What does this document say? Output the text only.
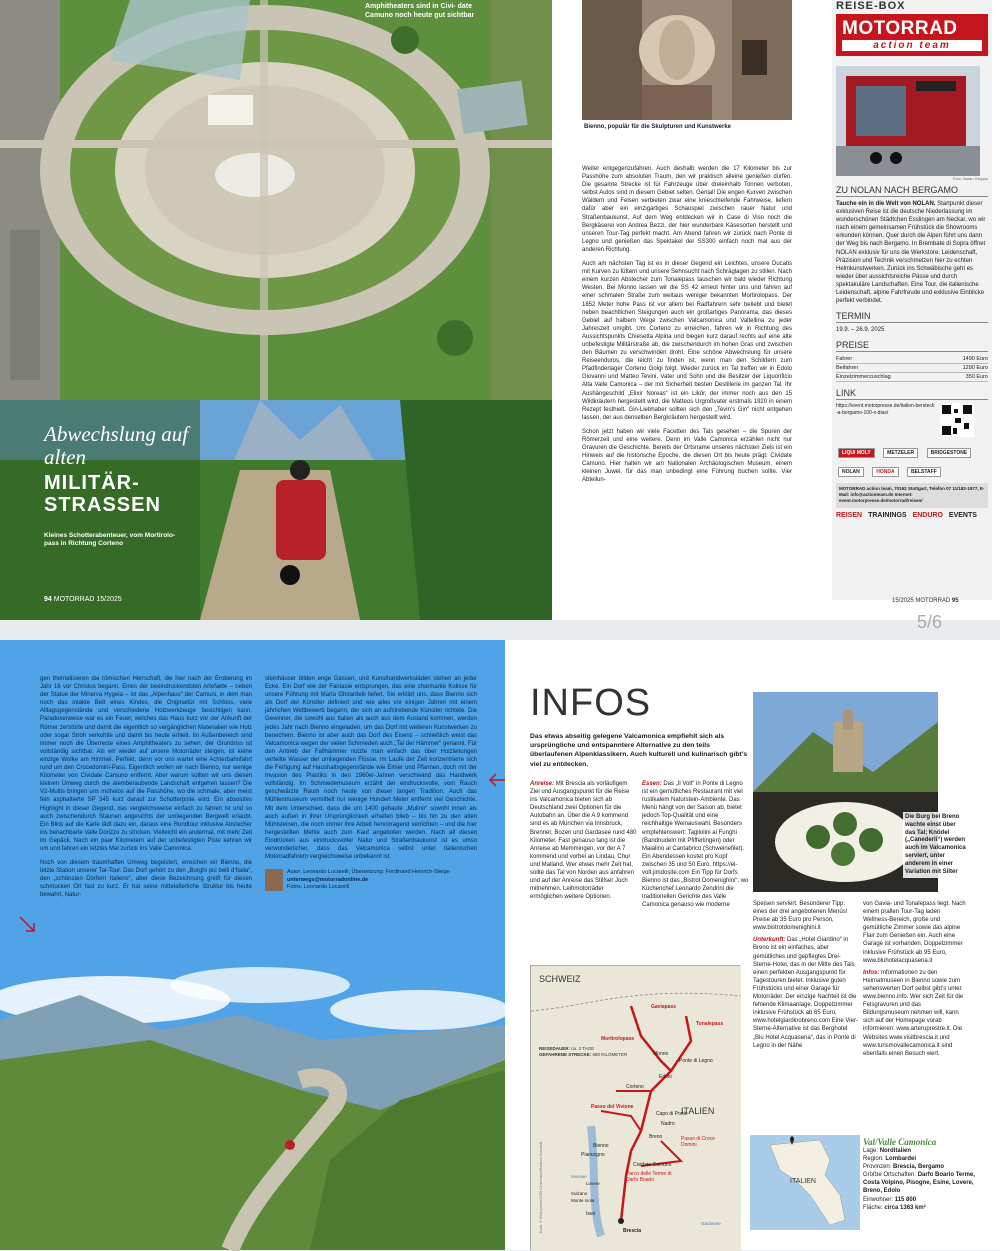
Amphitheaters sind in Civi- date Camuno noch heute gut sichtbar
Abwechslung auf alten
MILITÄR- STRASSEN
Kleines Schotterabenteuer, vom Mortirolo- pass in Richtung Corteno
94 MOTORRAD 15/2025
Bienno, populär für die Skulpturen und Kunstwerke

Weiter entgegenzufahren. Auch deshalb werden die 17 Kilometer bis zur Passhöhe zum absoluten Traum, den wir praktisch alleine genießen dürfen. Die gesamte Strecke ist für Fahrzeuge über dreieinhalb Tonnen verboten, selbst Autos sind in diesem Gebiet selten. Genial! Die engen Kurven zwischen Wäldern und Felsen verbieten zwar eine knieschleifende Fahrweise, liefern dafür aber ein einzigartiges Schauspiel zwischen rauer Natur und Straßenbaukunst. Auf dem Weg entdecken wir in Case di Viso noch die Bergkäserei von Andrea Bezzi, der hier wunderbare Käsesorten herstellt und unseren Tour-Tag perfekt macht. Am Abend fahren wir zurück nach Ponte di Legno und genießen das Spektakel der SS300 einfach noch mal aus der anderen Richtung.

Auch am nächsten Tag ist es in dieser Gegend ein Leichtes, unsere Ducatis mit Kurven zu füttern und unsere Sehnsucht nach Schräglagen zu stillen. Nach einem kurzen Abstecher zum Tonalepass tauschen wir bald wieder Richtung Westen. Bei Monno lassen wir die SS 42 erneut hinter uns und fahren auf einer schmalen Straße zum weitaus weniger bekannten Mortirolopass. Der 1852 Meter hohe Pass ist vor allem bei Radfahrern sehr beliebt und bietet neben beachtlichen Steigungen auch ein großartiges Panorama, das dieses Gebiet auf halbem Wege zwischen Valcamonica und Valtellina zu jeder Jahreszeit umgibt. Um Corteno zu erreichen, fahren wir in Richtung des Aussichtspunkts Chiesetta Alpina und biegen kurz darauf rechts auf eine alte unbefestigte Militärstraße ab, die zwischendurch im hohen Gras und zwischen den Bäumen zu verschwinden droht. Eine schöne Abwechslung für unsere Reiseenduros, die leicht zu finden ist, wenn man den Schildern zum Pfadfinderlager Corteno Golgi folgt. Wieder zurück im Tal treffen wir in Edolo Giovanni und Matteo Tevini, Vater und Sohn und die Besitzer der Liquorificio Alta Valle Camonica – der mit Sicherheit besten Destillerie im ganzen Tal. Ihr Aushängeschild „Elixir Noreas“ ist ein Likör, der immer noch aus den 15 Wildkräutern hergestellt wird, die Matteos Urgroßvater erstmals 1920 in einem Rezept festhielt. Gin-Liebhaber sollten sich den „Tevin’s Gin“ nicht entgehen lassen, der aus denselben Bergkräutern hergestellt wird.

Schon jetzt haben wir viele Facetten des Tals gesehen – die Spuren der Römerzeit und eine weitere. Denn im Valle Camonica erzählen nicht nur Gravuren die Geschichte. Bereits der Ortsname unseres nächsten Ziels ist ein Hinweis auf die historische Epoche, die diesen Ort bis heute prägt: Cividate Camuno. Hier halten wir am Nationalen Archäologischen Museum, einem kleinen Juwel, für das man unbedingt eine Führung buchen sollte. Vier Abteilun-

REISE-BOX
MOTORRAD
action team
Foto: Nolan Gruppo
ZU NOLAN NACH BERGAMO

Tauche ein in die Welt von NOLAN. Startpunkt dieser exklusiven Reise ist die deutsche Niederlassung im wunderschönen Städtchen Esslingen am Neckar, wo wir nach einem gemeinsamen Frühstück die Showrooms erkunden können. Quer durch die Alpen führt uns dann der Weg bis nach Bergamo. In Brembate di Sopra öffnet NOLAN exklusiv für uns die Werkstore. Leidenschaft, Präzision und Technik verschmelzen hier zu echten Helmkunstwerken. Zurück ins Schwäbische geht es wieder über aussichtsreiche Pässe und durch spektakuläre Landschaften. Eine Tour, die italienische Leidenschaft, alpine Fahrfreude und exklusive Einblicke perfekt verbindet.

TERMIN
19.9. – 26.9. 2025
PREISE
Fahrer	1490 Euro
Beifahrer	1290 Euro
Einzelzimmerzuschlag	350 Euro
LINK
https://event.motorpresse.de/italien-bersteck-a-bergamo-100-x-dias/
LIQUI MOLY	METZELER	BRIDGESTONE NOLAN	HONDA	BELSTAFF
MOTORRAD action team, 70162 Stuttgart, Telefon 07 11/182-1977, E-Mail: info@actionteam.de Internet: event.motorpresse.de/motorrad/reisen/
REISEN TRAININGS ENDURO EVENTS
15/2025 MOTORRAD 95
5/6

gen thematisieren die römischen Herrschaft, die hier nach der Eroberung im Jahr 16 vor Christus begann. Eines der beeindruckendsten Artefakte – neben der Statue der Minerva Hygeia – ist das „Alpenhaus“ der Camuni, in dem man noch das intakte Bett eines Kindes, die Originaltür mit Schloss, viele Alltagsgegenstände und verschiedene Holzwerkzeuge besichtigen kann. Paradoxerweise war es ein Feuer, welches das Haus kurz vor der Ankunft der Römer zerstörte und damit die eigentlich so vergänglichen Materialien wie Holz oder sogar Stroh verkohlte und damit bis heute erhielt. Im Außenbereich sind immer noch die Überreste eines Amphitheaters zu sehen, der Grundriss ist vollständig sichtbar. Als wir wieder auf unsere Motorräder steigen, ist keine einzige Wolke am Himmel. Perfekt, denn vor uns wartet eine Achterbahnfahrt rund um den Crocedomini-Pass. Eigentlich wollen wir nach Bienno, nur wenige Kilometer von Cividate Camuno entfernt. Aber warum sollten wir uns diesen kleinen Umweg durch die atemberaubende Landschaft entgehen lassen? Die V2-Multis bringen uns mühelos auf die Passhöhe, wo die schmale, aber meist fein asphaltierte SP 345 kurz darauf zur Schotterpiste wird. Ein absolutes Highlight in dieser Gegend, das vergleichsweise einfach zu fahren ist und so auch zwischendurch Staunen angesichts der umliegenden Bergwelt erlaubt. Ein Blick auf die Karte lädt dazu ein, daraus eine Rundtour inklusive Abstecher ins benachbarte Valle Dorizzo zu stricken. Vielleicht ein andermal, mit mehr Zeit im Gepäck. Nach ein paar Kilometern auf der unbefestigten Piste kehren wir um und fahren ein letztes Mal zurück ins Valle Camonica.

Noch von diesem traumhaften Umweg begeistert, erreichen wir Bienno, die letzte Station unserer Tal-Tour. Das Dorf gehört zu den „Borghi più belli d’Italia“, den „schönsten Dörfern Italiens“, aber diese Bezeichnung greift für diesen schmucken Ort fast zu kurz. Er hat seine mittelalterliche Struktur bis heute bewahrt, Natur-

steinhäuser bilden enge Gassen, und Kunsthandwerksläden stehen an jeder Ecke. Ein Dorf wie der Fantasie entsprungen, das eine charmante Kulisse für unsere Führung mit Marta Ghirardelli liefert. Sie erklärt uns, dass Bienno sich als Dorf der Künstler definiert und wie alles vor einigen Jahren mit einem jährlichen Wettbewerb begann, der sich an aufstrebende Künstler richtete. Die Gewinner, die sowohl aus Italien als auch aus dem Ausland kommen, werden jedes Jahr nach Bienno eingeladen, um das Dorf mit weiteren Kunstwerken zu bereichern. Bienno ist aber auch das Dorf des Eisens – schließlich weist das Valcamonica wegen der vielen Schmieden auch „Tal der Hämmer“ genannt. Für den Antrieb der Fallhämmer nutzte man einfach das über Holzleitungen verteilte Wasser der umliegenden Flüsse. Im Laufe der Zeit konzentrierte sich die Fertigung auf Haushaltsgegenstände wie Eimer und Pfannen, doch mit der Invasion des Plastiks in den 1960er-Jahren verschwand das Handwerk vollständig. Im Schmiedemuseum erzählt der eindrucksvolle, vom Rauch geschwärzte Raum noch heute von dieser langen Tradition. Auch das Mühlenmuseum vermittelt nur wenige Hundert Meter entfernt viel Geschichte. Mit dem Unterschied, dass die um 1400 gebaute „Mulino“ sowohl innen als auch außen in ihrer Ursprünglichkeit erhalten blieb – bis hin zu den alten Mühlsteinen, die noch immer ihre Arbeit hervorragend verrichten – und die hier hergestellten Mehle auch zum Kauf angeboten werden. Nach all diesen Eindrücken aus eindrucksvoller Natur und Straßenbaukunst ist es umso verwunderlicher, dass das Valcamonica selbst unter italienischen Motorradfahrern vergleichsweise unbekannt ist.

Autor: Leonardo Lucarelli; Übersetzung: Ferdinand Heinrich-Steige
unterwegs@motorradonline.de
Fotos: Leonardo Lucarelli
INFOS
Das etwas abseitig gelegene Valcamonica empfiehlt sich als ursprüngliche und entspanntere Alternative zu den teils überlaufenen Alpenklassikern. Auch kulturell und kulinarisch gibt’s viel zu entdecken.

Anreise: Mit Brescia als vorläufigem Ziel und Ausgangspunkt für die Reise ins Valcamonica bieten sich ab Deutschland zwei Optionen für die Autobahn an. Über die A 9 kommend sind es ab München via Innsbruck, Brenner, Bozen und Gardasee rund 480 Kilometer. Fast genauso lang ist die Anreise ab Memmingen, vor der A 7 kommend und vorbei an Lindau, Chur und Mailand. Wer etwas mehr Zeit hat, sollte das Tal von Norden aus anfahren und auf der Anreise das Stilfser Joch mitnehmen. Leihmotorräder ermöglichen weitere Optionen.

Essen: Das „Il Volt“ in Ponte di Legno ist ein gemütliches Restaurant mit viel rustikalem Naturstein-Ambiente. Das Menü hängt von der Saison ab, bietet jedoch Top-Qualität und eine reichhaltige Weinauswahl. Besonders empfehlenswert: Tagliolini ai Funghi (Bandnudeln mit Pfifferlingen) oder Maialino al Cantabrico (Schweinefilet). Ein Abendessen kostet pro Kopf zwischen 35 und 50 Euro, https://el-volt.jimdosite.com Ein Tipp für Dorfs Bienno ist das „Bistrot Domenighini“, wo Küchenchef Leonardo Zendrini die traditionellen Gerichte des Valle Camonica genauso wie moderne

Die Burg bei Breno wachte einst über das Tal; Knödel („Canederli“) werden auch im Valcamonica serviert, unter anderem in einer Variation mit Silter

Speisen serviert. Besonderer Tipp: eines der drei angebotenen Menüs! Preise ab 35 Euro pro Person, www.bistrotdomenighini.it

Unterkunft: Das „Hotel Giardino“ in Breno ist ein einfaches, aber gemütliches und gepflegtes Drei-Sterne-Hotel, das in der Mitte des Tals einen perfekten Ausgangspunkt für Tagestouren bietet. Inklusive guten Frühstücks und einer Garage für Motorräder. Der einzige Nachteil ist die fehlende Klimaanlage. Doppelzimmer inklusive Frühstück ab 65 Euro, www.hotelgiardinobreno.com Eine Vier-Sterne-Alternative ist das Berghotel „Blu Hotel Acquasena“, das in Ponte di Legno in der Nähe

von Gavia- und Tonalepass liegt. Nach einem prallen Tour-Tag laden Wellness-Bereich, große und gemütliche Zimmer sowie das alpine Flair zum Genießen ein. Auch eine Garage ist vorhanden. Doppelzimmer inklusive Frühstück ab 95 Euro, www.bluhotelacquasena.it

Infos: Informationen zu den Heimatmuseen in Bienno sowie zum sehenswerten Dorf selbst gibt’s unter www.bienno.info. Wer sich Zeit für die Felsgravuren und das Bildungsmuseum nehmen will, kann sich auf der Homepage vorab informieren: www.arteruprestre.it. Die Websites www.visitbrescia.it und www.turismovallecamonica.it sind ebenfalls einen Besuch wert.

SCHWEIZ
ITALIEN
REISEDAUER: ca. 3 TAGE
GEFAHRENE STRECKE: 680 KILOMETER
Gaviapass
Tonalepass
Mortirolopass
Monno
Ponte di Legno
Edolo
Corteno
Passo del Vivione
Capo di Ponte
Nadro
Breno
Bienno
Piancogno
Cividate Camuno
Passo di Croce Domini
Parco delle Terme di Darfo Boario
Iseo
Brescia
Sulzano
Monte Isola
Lovere
Iseosee
Gardasee
Karte: © Motorpresse/OSM Contributors/Beatrice Kubrandt	ITALIEN
Val/Valle Camonica
Lage: Norditalien
Region: Lombardei
Provinzen: Brescia, Bergamo
Größte Ortschaften: Darfo Boario Terme, Costa Volpino, Pisogne, Esine, Lovere, Breno, Edolo
Einwohner: 115 800
Fläche: circa 1363 km²
